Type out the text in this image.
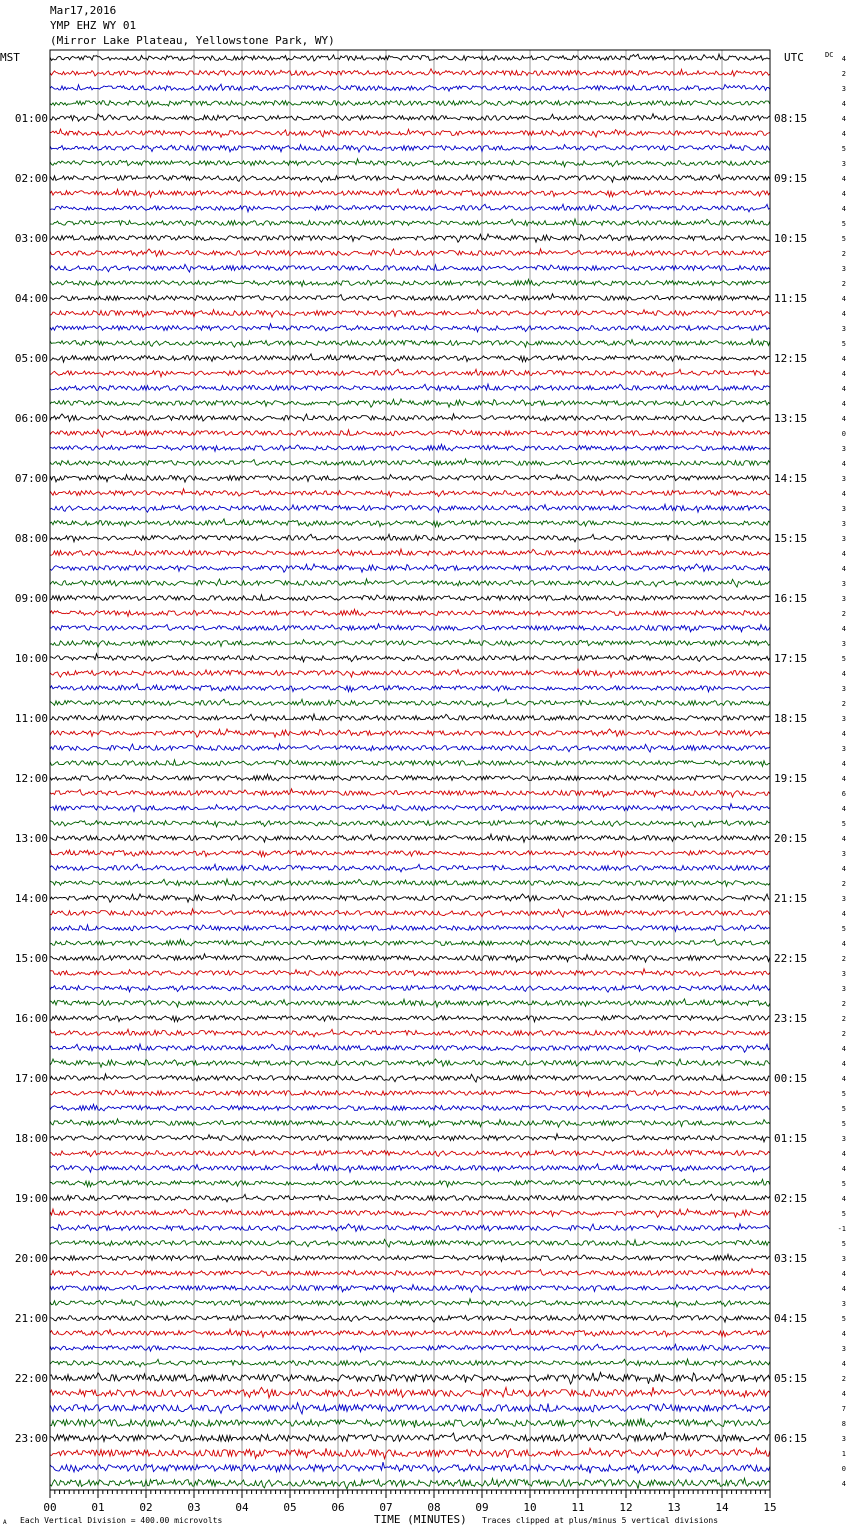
Mar17,2016
YMP EHZ WY 01
(Mirror Lake Plateau, Yellowstone Park, WY)
00	01	02	03	04	05	06	07	08	09	10	11	12	13	14	15
01:00
02:00
03:00
04:00
05:00
06:00
07:00
08:00
09:00
10:00
11:00
12:00
13:00
14:00
15:00
16:00
17:00
18:00
19:00
20:00
21:00
22:00
23:00
08:15
09:15
10:15
11:15
12:15
13:15
14:15
15:15
16:15
17:15
18:15
19:15
20:15
21:15
22:15
23:15
00:15
01:15
02:15
03:15
04:15
05:15
06:15
4
2
3
4
4
4
5
3
4
4
4
5
5
2
3
2
4
4
3
5
4
4
4
4
4
0
3
4
3
4
3
3
3
4
4
3
3
2
4
3
5
4
3
2
3
4
3
4
4
6
4
5
4
3
4
2
3
4
5
4
2
3
3
2
2
2
4
4
4
5
5
5
3
4
4
5
4
5
-1
5
3
4
4
3
5
4
3
4
2
4
7
8
3
1
0
4
MST	UTC	DC
A Each Vertical Division = 400.00 microvolts	TIME (MINUTES) Traces clipped at plus/minus 5 vertical divisions
